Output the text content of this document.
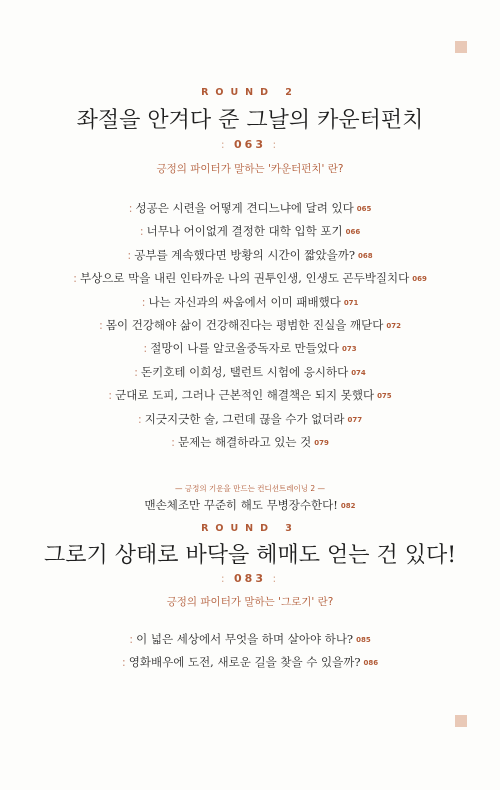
ROUND 2
좌절을 안겨다 준 그날의 카운터펀치
: 063 :
긍정의 파이터가 말하는 '카운터펀치' 란?
: 성공은 시련을 어떻게 견디느냐에 달려 있다 065
: 너무나 어이없게 결정한 대학 입학 포기 066
: 공부를 계속했다면 방황의 시간이 짧았을까? 068
: 부상으로 막을 내린 인타까운 나의 권투인생, 인생도 곤두박질치다 069
: 나는 자신과의 싸움에서 이미 패배했다 071
: 몸이 건강해야 삶이 건강해진다는 평범한 진실을 깨닫다 072
: 절망이 나를 알코올중독자로 만들었다 073
: 돈키호테 이희성, 탤런트 시험에 응시하다 074
: 군대로 도피, 그러나 근본적인 해결책은 되지 못했다 075
: 지긋지긋한 술, 그런데 끊을 수가 없더라 077
: 문제는 해결하라고 있는 것 079
— 긍정의 기운을 만드는 컨디션트레이닝 2 —
맨손체조만 꾸준히 해도 무병장수한다! 082
ROUND 3
그로기 상태로 바닥을 헤매도 얻는 건 있다!
: 083 :
긍정의 파이터가 말하는 '그로기' 란?
: 이 넓은 세상에서 무엇을 하며 살아야 하나? 085
: 영화배우에 도전, 새로운 길을 찾을 수 있을까? 086
